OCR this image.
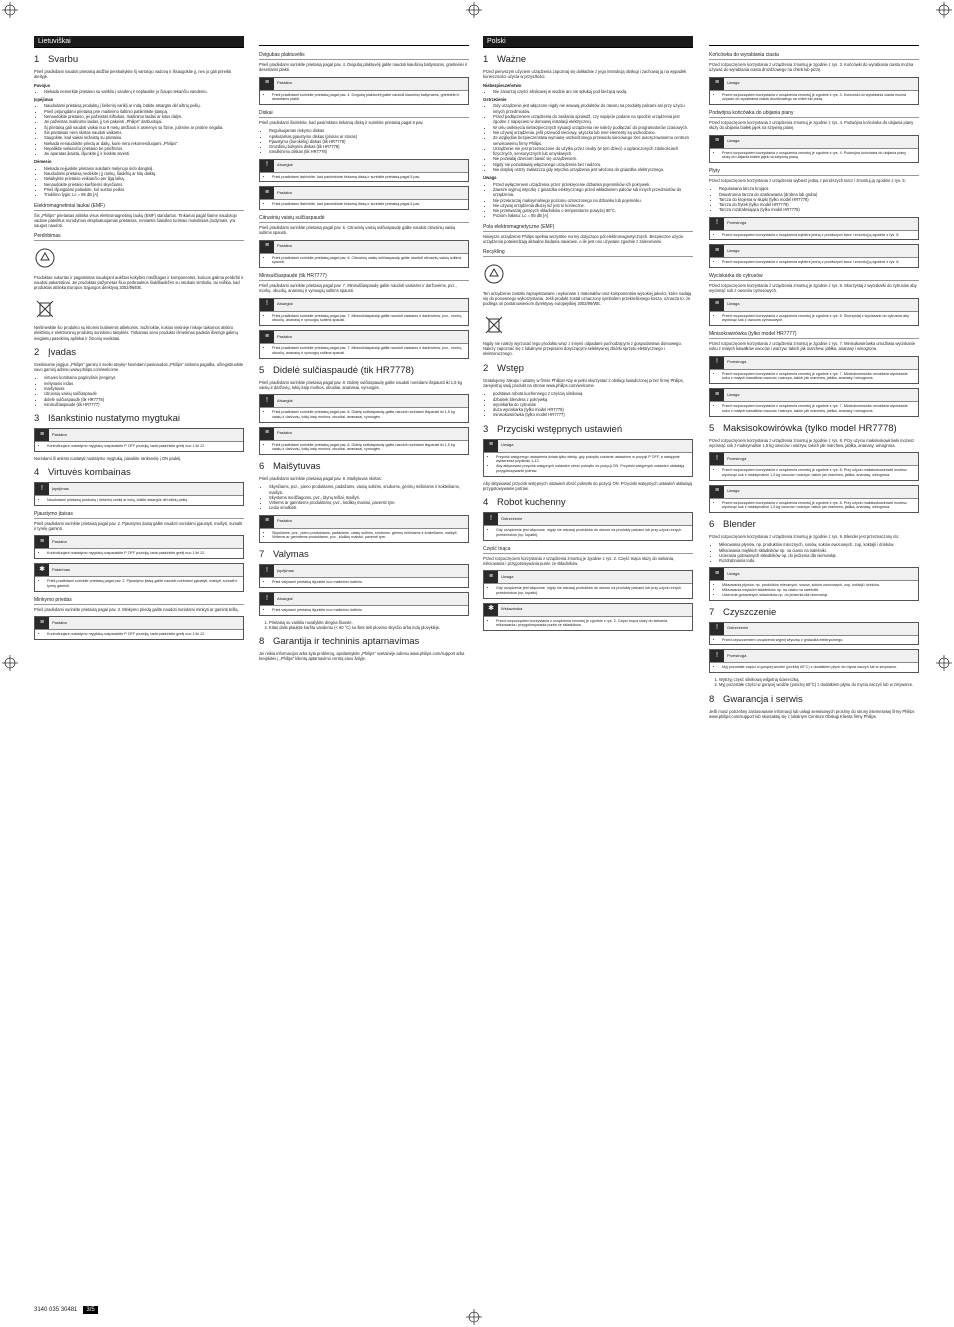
Lietuviškai
1 Svarbu

Prieš pradėdami naudoti prietaisą atidžiai perskaitykite šį vartotojo vadovą ir išsaugokite jį, nes jo gali prireikti ateityje.

Pavojus
• Niekada nemerkite prietaiso su varikliu į vandenį ir neplaukite jo čiaupo tekančiu vandeniu.
Įspėjimas
• Naudodami prietaisą produktų į šešerinį variklį ar indą, būkite atsargūs dėl aštrių peilių.
• Prieš prijungdami prietaisą prie maitinimo šaltinio patikrinkite įtampą.
• Nenaudokite prietaiso, jei pažeistas kištukas, maitinimo laidas ar kitos dalys.
• Jei pažeistas maitinimo laidas, jį turi pakeisti „Philips“ darbuotojai.
• Šį prietaisą gali naudoti vaikai nuo 8 metų amžiaus ir asmenys su fizine, jutimine ar protine negalia.
• Šis prietaisas nėra skirtas naudoti vaikams.
• Saugokite, kad vaikai nežaistų su prietaisu.
• Niekada nenaudokite priedų ar dalių, kurie nėra rekomenduojami „Philips“.
• Nepalikite veikiančio prietaiso be priežiūros.
• Jei aparatas įkaista, išjunkite jį ir leiskite atvėsti.
Dėmesio
• Niekada neįjunkite prietaiso sukdami mėlynojo indo dangtelį.
• Naudodami prietaisą nedėkite į jį rankų, šaukštų ar kitų daiktų.
• Nelaikykite prietaiso veikiančio per ilgą laiką.
• Nenaudokite prietaiso karštiems skysčiams.
• Prieš išjungdami palaukite, kol sustos peiliai.
• Triukšmo lygis: Lc = 85 dB [A]
Elektromagnetiniai laukai (EMF)

Šis „Philips“ prietaisas atitinka visus elektromagnetinių laukų (EMF) standartus. Tinkamai pagal šiame naudotojo vadove pateiktus nurodymus eksploatuojamas prietaisas, remiantis šiandien turimais moksliniais įrodymais, yra saugus naudoti.

Perdirbimas

Produktas sukurtas ir pagamintas naudojant aukštos kokybės medžiagas ir komponentus, kuriuos galima perdirbti ir naudoti pakartotinai. Jei produktas pažymėtas šiuo perbrauktos šiukšliadėžės su ratukais simboliu, tai reiškia, kad produktas atitinka Europos Sąjungos direktyvą 2002/96/EB.

Neišmeskite šio produkto su kitomis buitinėmis atliekomis. Sužinokite, kokios vietinėje rinkoje taikomos atskiro elektrinių ir elektroninių produktų surinkimo taisyklės. Tinkamas seno produkto išmetimas padeda išvengti galimų neigiamų pasekmių aplinkai ir žmonių sveikatai.

2 Įvadas

Sveikiname įsigijus „Philips“ gaminį ir sveiki atvykę! Norėdami pasinaudoti „Philips“ siūloma pagalba, užregistruokite savo gaminį adresu www.philips.com/welcome.

• virtuvės kombaino pagrindinis įrenginys
• mėlynasis indas
• maišytuvas
• citrusinių vaisių sulčiaspaudė
• didelė sulčiaspaudė (tik HR7778)
• minisulčiaspaudė (tik HR7777)
3 Išankstinio nustatymo mygtukai
≡	Pastaba
• Kontroliuojant nustatymo mygtuką nuspauskite P OFF poziciją, tada pasirinkite greitį nuo 1 iki 12.

Norėdami iš anksto nustatyti nustatymo mygtuką, pasukite rankenėlę į ON padėtį.

4 Virtuvės kombainas
!	Įspėjimas
• Naudodami prietaisą produktų į šešerinį variklį ar indą, būkite atsargūs dėl aštrių peilių.
Pjaustymo įtaisas

Prieš pradėdami surinkite prietaisą pagal pav. 2. Pjaustymo įtaisą galite naudoti norėdami pjaustyti, maišyti, sumalti ir tyrelę gaminti.

≡	Pastaba
• Kontroliuojant nustatymo mygtuką nuspauskite P OFF poziciją, tada pasirinkite greitį nuo 1 iki 12.
✱	Patarimas
• Prieš pradėdami surinkite prietaisą pagal pav. 2. Pjaustymo įtaisą galite naudoti norėdami pjaustyti, maišyti, sumalti ir tyrelę gaminti.
Minkymo priedas

Prieš pradėdami surinkite prietaisą pagal pav. 3. Minkymo priedą galite naudoti norėdami minkyti ar gaminti tešlą.

≡	Pastaba
• Kontroliuojant nustatymo mygtuką nuspauskite P OFF poziciją, tada pasirinkite greitį nuo 1 iki 12.
Dvigubas plaktuvėlis

Prieš pradėdami surinkite prietaisą pagal pav. 4. Dvigubą plaktuvėlį galite naudoti kiaušinių baltymams, grietinėlei ir desertams plakti.

≡	Pastaba
• Prieš pradėdami surinkite prietaisą pagal pav. 4. Dvigubą plaktuvėlį galite naudoti kiaušinių baltymams, grietinėlei ir desertams plakti.
Diskai

Prieš pradėdami išsirinkite, kad pasirinktute tinkamą diską ir surinkite prietaisą pagal 5 pav.

• Reguliuojamas riekymo diskas
• Apskutamas pjaustymo diskas (plonas ar storas)
• Pjaustymo (burokėlių) diskas (tik HR7778)
• Grūzdinių bulvytės diskas (tik HR7778)
• Smulkinimo diskas (tik HR7778)
!	Atsargiai
• Prieš pradėdami išsirinkite, kad pasirinktute tinkamą diską ir surinkite prietaisą pagal 5 pav.
≡	Pastaba
• Prieš pradėdami išsirinkite, kad pasirinktute tinkamą diską ir surinkite prietaisą pagal 5 pav.
Citrusinių vaisių sulčiaspaudė

Prieš pradėdami surinkite prietaisą pagal pav. 6. Citrusinių vaisių sulčiaspaudę galite naudoti citrusinių vaisių sultims spausti.

≡	Pastaba
• Prieš pradėdami surinkite prietaisą pagal pav. 6. Citrusinių vaisių sulčiaspaudę galite naudoti citrusinių vaisių sultims spausti.
Minisulčiaspaudė (tik HR7777)

Prieš pradėdami surinkite prietaisą pagal pav. 7. Minisulčiaspaudę galite naudoti vaisiams ir daržovėms, pvz., morkų, obuolių, ananasų ir vynuogių sultims spausti.

!	Atsargiai
• Prieš pradėdami surinkite prietaisą pagal pav. 7. Minisulčiaspaudę galite naudoti vaisiams ir daržovėms, pvz., morkų, obuolių, ananasų ir vynuogių sultims spausti.
≡	Pastaba
• Prieš pradėdami surinkite prietaisą pagal pav. 7. Minisulčiaspaudę galite naudoti vaisiams ir daržovėms, pvz., morkų, obuolių, ananasų ir vynuogių sultims spausti.
5 Didelė sulčiaspaudė (tik HR7778)

Prieš pradėdami surinkite prietaisą pagal pav. 8. Didelę sulčiaspaudę galite naudoti norėdami išspausti iki 1,5 kg vaisių ir daržovių, tokių kaip morkos, obuoliai, ananasai, vynuogės.

!	Atsargiai
• Prieš pradėdami surinkite prietaisą pagal pav. 8. Didelę sulčiaspaudę galite naudoti norėdami išspausti iki 1,5 kg vaisių ir daržovių, tokių kaip morkos, obuoliai, ananasai, vynuogės.
≡	Pastaba
• Prieš pradėdami surinkite prietaisą pagal pav. 8. Didelę sulčiaspaudę galite naudoti norėdami išspausti iki 1,5 kg vaisių ir daržovių, tokių kaip morkos, obuoliai, ananasai, vynuogės.
6 Maišytuvas

Prieš pradėdami surinkite prietaisą pagal pav. 9. Maišytuvas skirtas:

• Skysčiams, pvz., pieno produktams, padažams, vaisių sultims, sriuboms, gėrimų mišiniams ir kokteiliams, maišyti.
• Skystoms medžiagoms, pvz., blynų tešlai, maišyti.
• Virtiems ar garintiems produktams, pvz., kūdikių maistui, paversti tyre.
• Ledui smulkinti.
≡	Pastaba
• Skysčiams, pvz., pieno produktams, padažams, vaisių sultims, sriuboms, gėrimų mišiniams ir kokteiliams, maišyti.
• Virtiems ar garintiems produktams, pvz., kūdikių maistui, paversti tyre.
7 Valymas
!	Įspėjimas
• Prieš valydami prietaisą išjunkite nuo maitinimo šaltinio.
!	Atsargiai
• Prieš valydami prietaisą išjunkite nuo maitinimo šaltinio.
1. Prietaisą su varikliu nuvalykite drėgna šluoste.
2. Kitas dalis plaukite karštu vandeniu (< 60 °C) su šiek tiek plovimo skysčio arba indų plovyklėje.
8 Garantija ir techninis aptarnavimas

Jei reikia informacijos arba kyla problemų, apsilankykite „Philips“ svetainėje adresu www.philips.com/support arba kreipkitės į „Philips“ klientų aptarnavimo centrą savo šalyje.

Polski
1 Ważne

Przed pierwszym użyciem urządzenia zapoznaj się dokładnie z jego instrukcją obsługi i zachowaj ją na wypadek konieczności użycia w przyszłości.

Niebezpieczeństwo
• Nie zanurzaj części silnikowej w wodzie ani nie spłukuj pod bieżącą wodą.
Ostrzeżenie
• Gdy urządzenie jest włączone nigdy nie wsuwaj produktów do otworu na produkty palcami ani przy użyciu innych przedmiotów.
• Przed podłączeniem urządzenia do zasilania sprawdź, czy napięcie podane na spodzie urządzenia jest zgodne z napięciem w domowej instalacji elektrycznej.
• W celu uniknięcia niebezpiecznych sytuacji urządzenia nie należy podłączać do programatorów czasowych.
• Nie używaj urządzenia, jeśli przewód sieciowy, wtyczka lub inne elementy są uszkodzone.
• Ze względów bezpieczeństwa wymianę uszkodzonego przewodu sieciowego zleć autoryzowanemu centrum serwisowemu firmy Philips.
• Urządzenie nie jest przeznaczone do użytku przez osoby (w tym dzieci) o ograniczonych zdolnościach fizycznych, sensorycznych lub umysłowych.
• Nie pozwalaj dzieciom bawić się urządzeniem.
• Nigdy nie pozostawiaj włączonego urządzenia bez nadzoru.
• Nie dotykaj ostrzy zwłaszcza gdy wtyczka urządzenia jest włożona do gniazdka elektrycznego.
Uwaga
• Przed wyłączeniem urządzenia przez przekręcenie dzbanka pojemników ich pokrywek.
• Zawsze wyjmuj wtyczkę z gniazdka elektrycznego przed wkładaniem palców lub innych przedmiotów do urządzenia.
• Nie przekraczaj maksymalnego poziomu oznaczonego na dzbanku lub pojemniku.
• Nie używaj urządzenia dłużej niż jest to konieczne.
• Nie przetwarzaj gorących składników o temperaturze powyżej 80°C.
• Poziom hałasu: Lc = 85 dB [A]
Pola elektromagnetyczne (EMF)

Niniejsze urządzenie Philips spełnia wszystkie normy dotyczące pól elektromagnetycznych. Bezpieczne użycie urządzenia potwierdzają aktualne badania naukowe, o ile jest ono używane zgodnie z zaleceniami.

Recykling

Ten urządzenie zostało zaprojektowane i wykonane z materiałów oraz komponentów wysokiej jakości, które nadają się do ponownego wykorzystania. Jeśli produkt został oznaczony symbolem przekreślonego kosza, oznacza to, że podlega on postanowieniom dyrektywy europejskiej 2002/96/WE.

Nigdy nie należy wyrzucać tego produktu wraz z innymi odpadami pochodzącymi z gospodarstwa domowego. Należy zapoznać się z lokalnymi przepisami dotyczącymi selektywnej zbiórki sprzętu elektrycznego i elektronicznego.

2 Wstęp

Gratulujemy zakupu i witamy w firmie Philips! Aby w pełni skorzystać z obsługi świadczonej przez firmę Philips, zarejestruj swój produkt na stronie www.philips.com/welcome.

• podstawa robota kuchennego z częścią silnikową
• dzbanek blendera z pokrywką
• wyciskarka do cytrusów
• duża wyciskarka (tylko model HR7778)
• minisokowirówka (tylko model HR7777)
3 Przyciski wstępnych ustawień
≡	Uwaga
• Przycisk wstępnego ustawienia działa tylko wtedy, gdy pokrętło zostanie ustawione w pozycji P OFF, a następnie wybierzesz prędkość 1-12.
• Aby aktywować przycisk wstępnych ustawień obróć pokrętło do pozycji ON. Przyciski wstępnych ustawień ułatwiają przygotowywanie potraw.

Aby aktywować przycisk wstępnych ustawień obróć pokrętło do pozycji ON. Przyciski wstępnych ustawień ułatwiają przygotowywanie potraw.

4 Robot kuchenny
!	Ostrzeżenie
• Gdy urządzenie jest włączone, nigdy nie wsuwaj produktów do otworu na produkty palcami lub przy użyciu innych przedmiotów (np. łopatki).
Część tnąca

Przed rozpoczęciem korzystania z urządzenia zmontuj je zgodnie z rys. 2. Część tnąca służy do siekania, miksowania i przygotowywania purée ze składników.

≡	Uwaga
• Gdy urządzenie jest włączone, nigdy nie wsuwaj produktów do otworu na produkty palcami lub przy użyciu innych przedmiotów (np. łopatki).
✱	Wskazówka
• Przed rozpoczęciem korzystania z urządzenia zmontuj je zgodnie z rys. 2. Część tnąca służy do siekania, miksowania i przygotowywania purée ze składników.
Końcówka do wyrabiania ciasta

Przed rozpoczęciem korzystania z urządzenia zmontuj je zgodnie z rys. 3. Końcówki do wyrabiania ciasta można używać do wyrabiania ciasta drożdżowego na chleb lub pizzę.

≡	Uwaga
• Przed rozpoczęciem korzystania z urządzenia zmontuj je zgodnie z rys. 3. Końcówki do wyrabiania ciasta można używać do wyrabiania ciasta drożdżowego na chleb lub pizzę.
Podwójna końcówka do ubijania piany

Przed rozpoczęciem korzystania z urządzenia zmontuj je zgodnie z rys. 4. Podwójna końcówka do ubijania piany służy do ubijania białek jajek na sztywną pianę.

≡	Uwaga
• Przed rozpoczęciem korzystania z urządzenia zmontuj je zgodnie z rys. 4. Podwójna końcówka do ubijania piany służy do ubijania białek jajek na sztywną pianę.
Płyty

Przed rozpoczęciem korzystania z urządzenia wybierz jedną z poniższych tarcz i zmontuj ją zgodnie z rys. 5:

• Regulowana tarcza krojąca
• Dwustronna tarcza do szatkowania (drobna lub gruba)
• Tarcza do krojenia w słupki (tylko model HR7778)
• Tarcza do frytek (tylko model HR7778)
• Tarcza rozdrabniająca (tylko model HR7778)
!	Przestroga
• Przed rozpoczęciem korzystania z urządzenia wybierz jedną z poniższych tarcz i zmontuj ją zgodnie z rys. 5:
≡	Uwaga
• Przed rozpoczęciem korzystania z urządzenia wybierz jedną z poniższych tarcz i zmontuj ją zgodnie z rys. 5:
Wyciskarka do cytrusów

Przed rozpoczęciem korzystania z urządzenia zmontuj je zgodnie z rys. 6. Skorzystaj z wyciskarki do cytrusów aby wycisnąć sok z owoców cytrusowych.

≡	Uwaga
• Przed rozpoczęciem korzystania z urządzenia zmontuj je zgodnie z rys. 6. Skorzystaj z wyciskarki do cytrusów aby wycisnąć sok z owoców cytrusowych.
Minisokowirówka (tylko model HR7777)

Przed rozpoczęciem korzystania z urządzenia zmontuj je zgodnie z rys. 7. Minisokowirówka umożliwia wyciskanie soku z małych kawałków owoców i warzyw, takich jak marchew, jabłka, ananasy i winogrona.

!	Przestroga
• Przed rozpoczęciem korzystania z urządzenia zmontuj je zgodnie z rys. 7. Minisokowirówka umożliwia wyciskanie soku z małych kawałków owoców i warzyw, takich jak marchew, jabłka, ananasy i winogrona.
≡	Uwaga
• Przed rozpoczęciem korzystania z urządzenia zmontuj je zgodnie z rys. 7. Minisokowirówka umożliwia wyciskanie soku z małych kawałków owoców i warzyw, takich jak marchew, jabłka, ananasy i winogrona.
5 Maksisokowirówka (tylko model HR7778)

Przed rozpoczęciem korzystania z urządzenia zmontuj je zgodnie z rys. 8. Przy użyciu maksisokowirówki możesz wycisnąć sok z maksymalnie 1,5 kg owoców i warzyw, takich jak marchew, jabłka, ananasy, winogrona.

!	Przestroga
• Przed rozpoczęciem korzystania z urządzenia zmontuj je zgodnie z rys. 8. Przy użyciu maksisokowirówki możesz wycisnąć sok z maksymalnie 1,5 kg owoców i warzyw, takich jak marchew, jabłka, ananasy, winogrona.
≡	Uwaga
• Przed rozpoczęciem korzystania z urządzenia zmontuj je zgodnie z rys. 8. Przy użyciu maksisokowirówki możesz wycisnąć sok z maksymalnie 1,5 kg owoców i warzyw, takich jak marchew, jabłka, ananasy, winogrona.
6 Blender

Przed rozpoczęciem korzystania z urządzenia zmontuj je zgodnie z rys. 9. Blender jest przeznaczony do:

• Miksowania płynów, np. produktów mlecznych, sosów, soków owocowych, zup, koktajli i drinków.
• Miksowania miękkich składników np. na ciasto na naleśniki.
• Ucierania gotowanych składników np. do jedzenia dla niemowląt.
• Rozdrabniania lodu.
≡	Uwaga
• Miksowania płynów, np. produktów mlecznych, sosów, soków owocowych, zup, koktajli i drinków.
• Miksowania miękkich składników np. na ciasto na naleśniki.
• Ucierania gotowanych składników np. do jedzenia dla niemowląt.
7 Czyszczenie
!	Ostrzeżenie
• Przed czyszczeniem urządzenia wyjmij wtyczkę z gniazdka elektrycznego.
!	Przestroga
• Myj pozostałe części w gorącej wodzie (poniżej 60°C) z dodatkiem płynu do mycia naczyń lub w zmywarce.
1. Wytrzyj część silnikową wilgotną ściereczką.
2. Myj pozostałe części w gorącej wodzie (poniżej 60°C) z dodatkiem płynu do mycia naczyń lub w zmywarce.
8 Gwarancja i serwis

Jeśli musz potrzebny zastosowanie informacji lub usługi serwisowych prosimy do strony internetowej firmy Philips www.philips.com/support lub skontaktuj się z lokalnym Centrum Obsługi Klienta firmy Philips.

3140 035 30481	3/5
